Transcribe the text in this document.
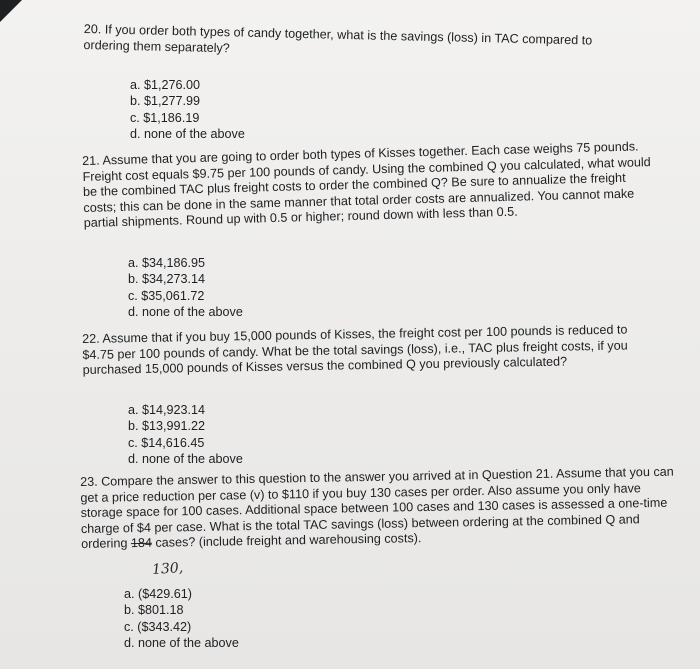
20. If you order both types of candy together, what is the savings (loss) in TAC compared to ordering them separately?

a. $1,276.00
b. $1,277.99
c. $1,186.19
d. none of the above

21. Assume that you are going to order both types of Kisses together. Each case weighs 75 pounds. Freight cost equals $9.75 per 100 pounds of candy. Using the combined Q you calculated, what would be the combined TAC plus freight costs to order the combined Q? Be sure to annualize the freight costs; this can be done in the same manner that total order costs are annualized. You cannot make partial shipments. Round up with 0.5 or higher; round down with less than 0.5.

a. $34,186.95
b. $34,273.14
c. $35,061.72
d. none of the above

22. Assume that if you buy 15,000 pounds of Kisses, the freight cost per 100 pounds is reduced to $4.75 per 100 pounds of candy. What be the total savings (loss), i.e., TAC plus freight costs, if you purchased 15,000 pounds of Kisses versus the combined Q you previously calculated?

a. $14,923.14
b. $13,991.22
c. $14,616.45
d. none of the above

23. Compare the answer to this question to the answer you arrived at in Question 21. Assume that you can get a price reduction per case (v) to $110 if you buy 130 cases per order. Also assume you only have storage space for 100 cases. Additional space between 100 cases and 130 cases is assessed a one-time charge of $4 per case. What is the total TAC savings (loss) between ordering at the combined Q and ordering 184 cases? (include freight and warehousing costs).

130,
a. ($429.61)
b. $801.18
c. ($343.42)
d. none of the above
